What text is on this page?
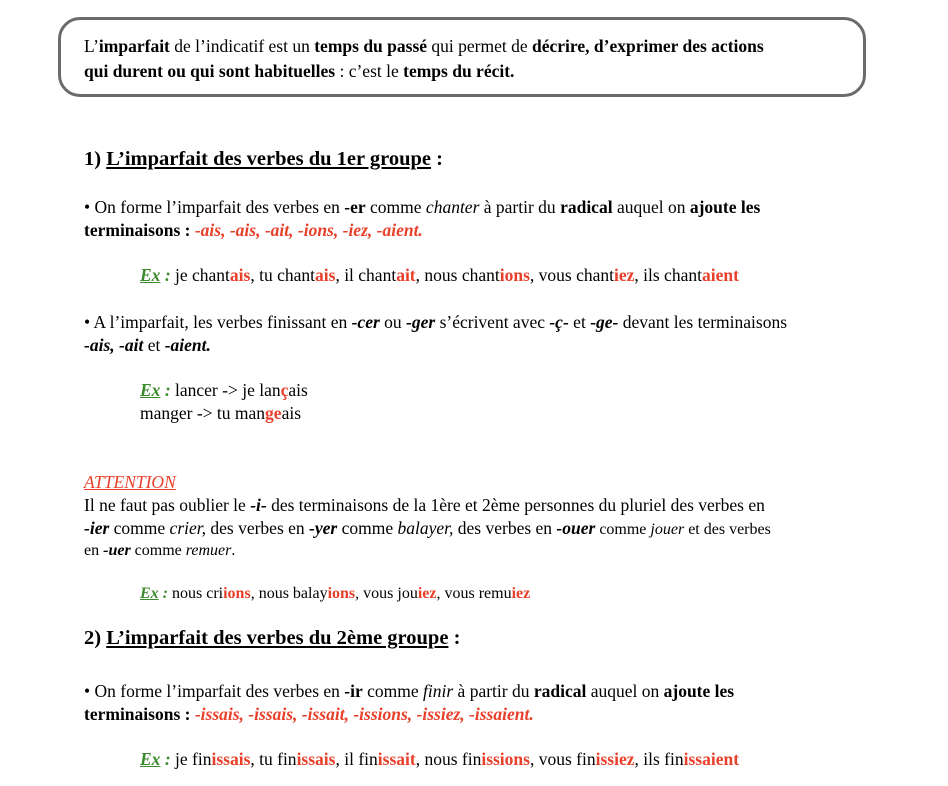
L’imparfait de l’indicatif est un temps du passé qui permet de décrire, d’exprimer des actions
qui durent ou qui sont habituelles : c’est le temps du récit.
1) L’imparfait des verbes du 1er groupe :
• On forme l’imparfait des verbes en -er comme chanter à partir du radical auquel on ajoute les
terminaisons : -ais, -ais, -ait, -ions, -iez, -aient.
Ex : je chantais, tu chantais, il chantait, nous chantions, vous chantiez, ils chantaient
• A l’imparfait, les verbes finissant en -cer ou -ger s’écrivent avec -ç- et -ge- devant les terminaisons
-ais, -ait et -aient.
Ex : lancer -> je lançais
manger -> tu mangeais
ATTENTION
Il ne faut pas oublier le -i- des terminaisons de la 1ère et 2ème personnes du pluriel des verbes en
-ier comme crier, des verbes en -yer comme balayer, des verbes en -ouer comme jouer et des verbes
en -uer comme remuer.
Ex : nous criions, nous balayions, vous jouiez, vous remuiez
2) L’imparfait des verbes du 2ème groupe :
• On forme l’imparfait des verbes en -ir comme finir à partir du radical auquel on ajoute les
terminaisons : -issais, -issais, -issait, -issions, -issiez, -issaient.
Ex : je finissais, tu finissais, il finissait, nous finissions, vous finissiez, ils finissaient
